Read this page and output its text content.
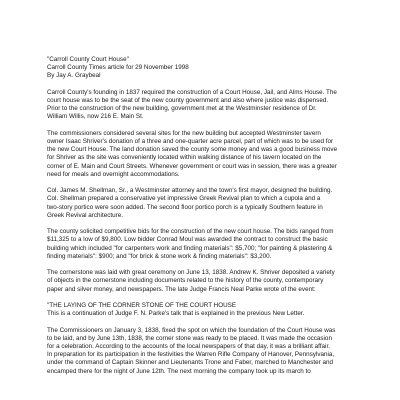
"Carroll County Court House"

Carroll County Times article for 29 November 1998

By Jay A. Graybeal

Carroll County's founding in 1837 required the construction of a Court House, Jail, and Alms House. The

court house was to be the seat of the new county government and also where justice was dispensed.

Prior to the construction of the new building, government met at the Westminster residence of Dr.

William Willis, now 216 E. Main St.

The commissioners considered several sites for the new building but accepted Westminster tavern

owner Isaac Shriver's donation of a three and one-quarter acre parcel, part of which was to be used for

the new Court House. The land donation saved the county some money and was a good business move

for Shriver as the site was conveniently located within walking distance of his tavern located on the

corner of E. Main and Court Streets. Whenever government or court was in session, there was a greater

need for meals and overnight accommodations.

Col. James M. Shellman, Sr., a Westminster attorney and the town's first mayor, designed the building.

Col. Shellman prepared a conservative yet impressive Greek Revival plan to which a cupola and a

two-story portico were soon added. The second floor portico porch is a typically Southern feature in

Greek Revival architecture.

The county solicited competitive bids for the construction of the new court house. The bids ranged from

$11,325 to a low of $9,800. Low bidder Conrad Moul was awarded the contract to construct the basic

building which included "for carpenters work and finding materials": $5,700; "for painting & plastering &

finding materials": $900; and "for brick & stone work & finding materials": $3,200.

The cornerstone was laid with great ceremony on June 13, 1838. Andrew K. Shriver deposited a variety

of objects in the cornerstone including documents related to the history of the county, contemporary

paper and silver money, and newspapers. The late Judge Francis Neal Parke wrote of the event:

"THE LAYING OF THE CORNER STONE OF THE COURT HOUSE

This is a continuation of Judge F. N. Parke's talk that is explained in the previous New Letter.

The Commissioners on January 3, 1838, fixed the spot on which the foundation of the Court House was

to be laid, and by June 13th, 1838, the corner stone was ready to be placed. It was made the occasion

for a celebration. According to the accounts of the local newspapers of that day, it was a brilliant affair.

In preparation for its participation in the festivities the Warren Rifle Company of Hanover, Pennsylvania,

under the command of Captain Skinner and Lieutenants Trone and Faber, marched to Manchester and

encamped there for the night of June 12th. The next morning the company took up its march to
